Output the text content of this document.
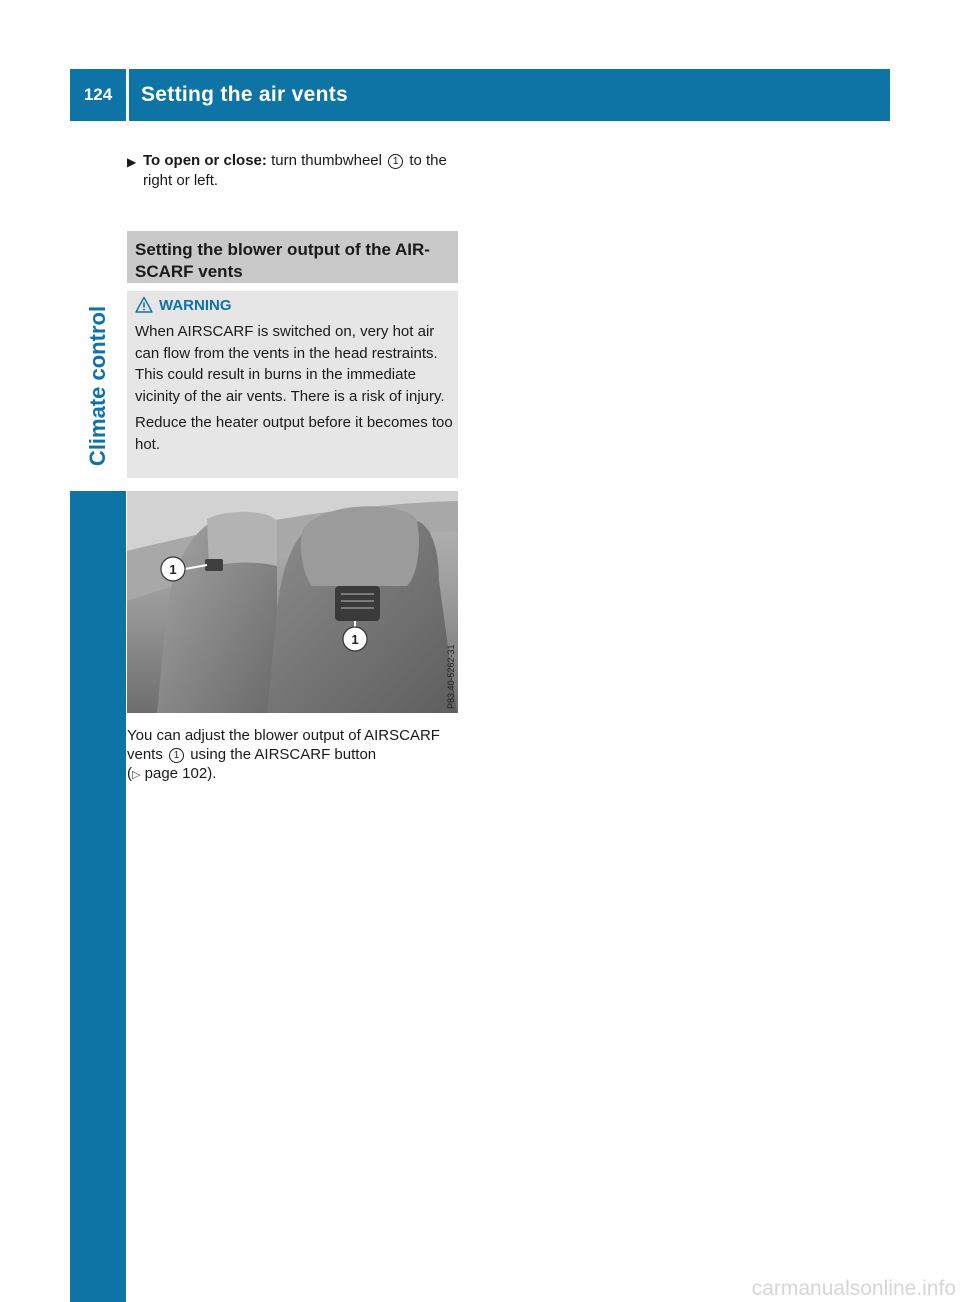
124	Setting the air vents
Climate control
▶ To open or close: turn thumbwheel 1 to the right or left.
Setting the blower output of the AIR-SCARF vents
WARNING

When AIRSCARF is switched on, very hot air can flow from the vents in the head restraints. This could result in burns in the immediate vicinity of the air vents. There is a risk of injury.

Reduce the heater output before it becomes too hot.

1
1
P83.40-5262-31
You can adjust the blower output of AIRSCARF vents 1 using the AIRSCARF button
(▷ page 102).
carmanualsonline.info
